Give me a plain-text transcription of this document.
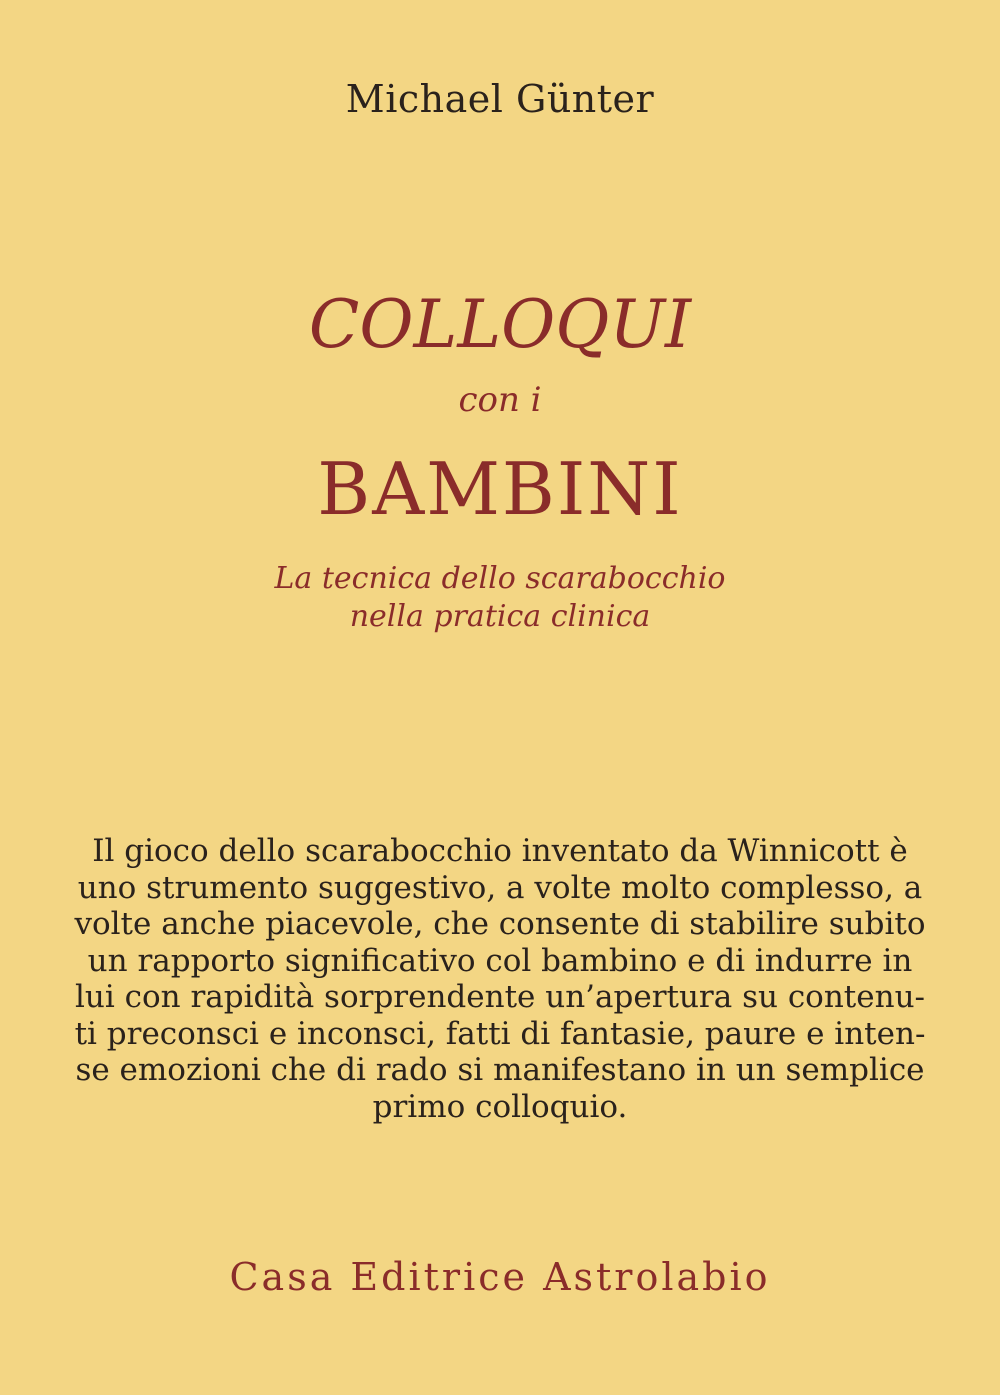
Michael Günter
COLLOQUI
con i
BAMBINI
La tecnica dello scarabocchio
nella pratica clinica
Il gioco dello scarabocchio inventato da Winnicott è
uno strumento suggestivo, a volte molto complesso, a
volte anche piacevole, che consente di stabilire subito
un rapporto significativo col bambino e di indurre in
lui con rapidità sorprendente un’apertura su contenu-
ti preconsci e inconsci, fatti di fantasie, paure e inten-
se emozioni che di rado si manifestano in un semplice
primo colloquio.
Casa Editrice Astrolabio
